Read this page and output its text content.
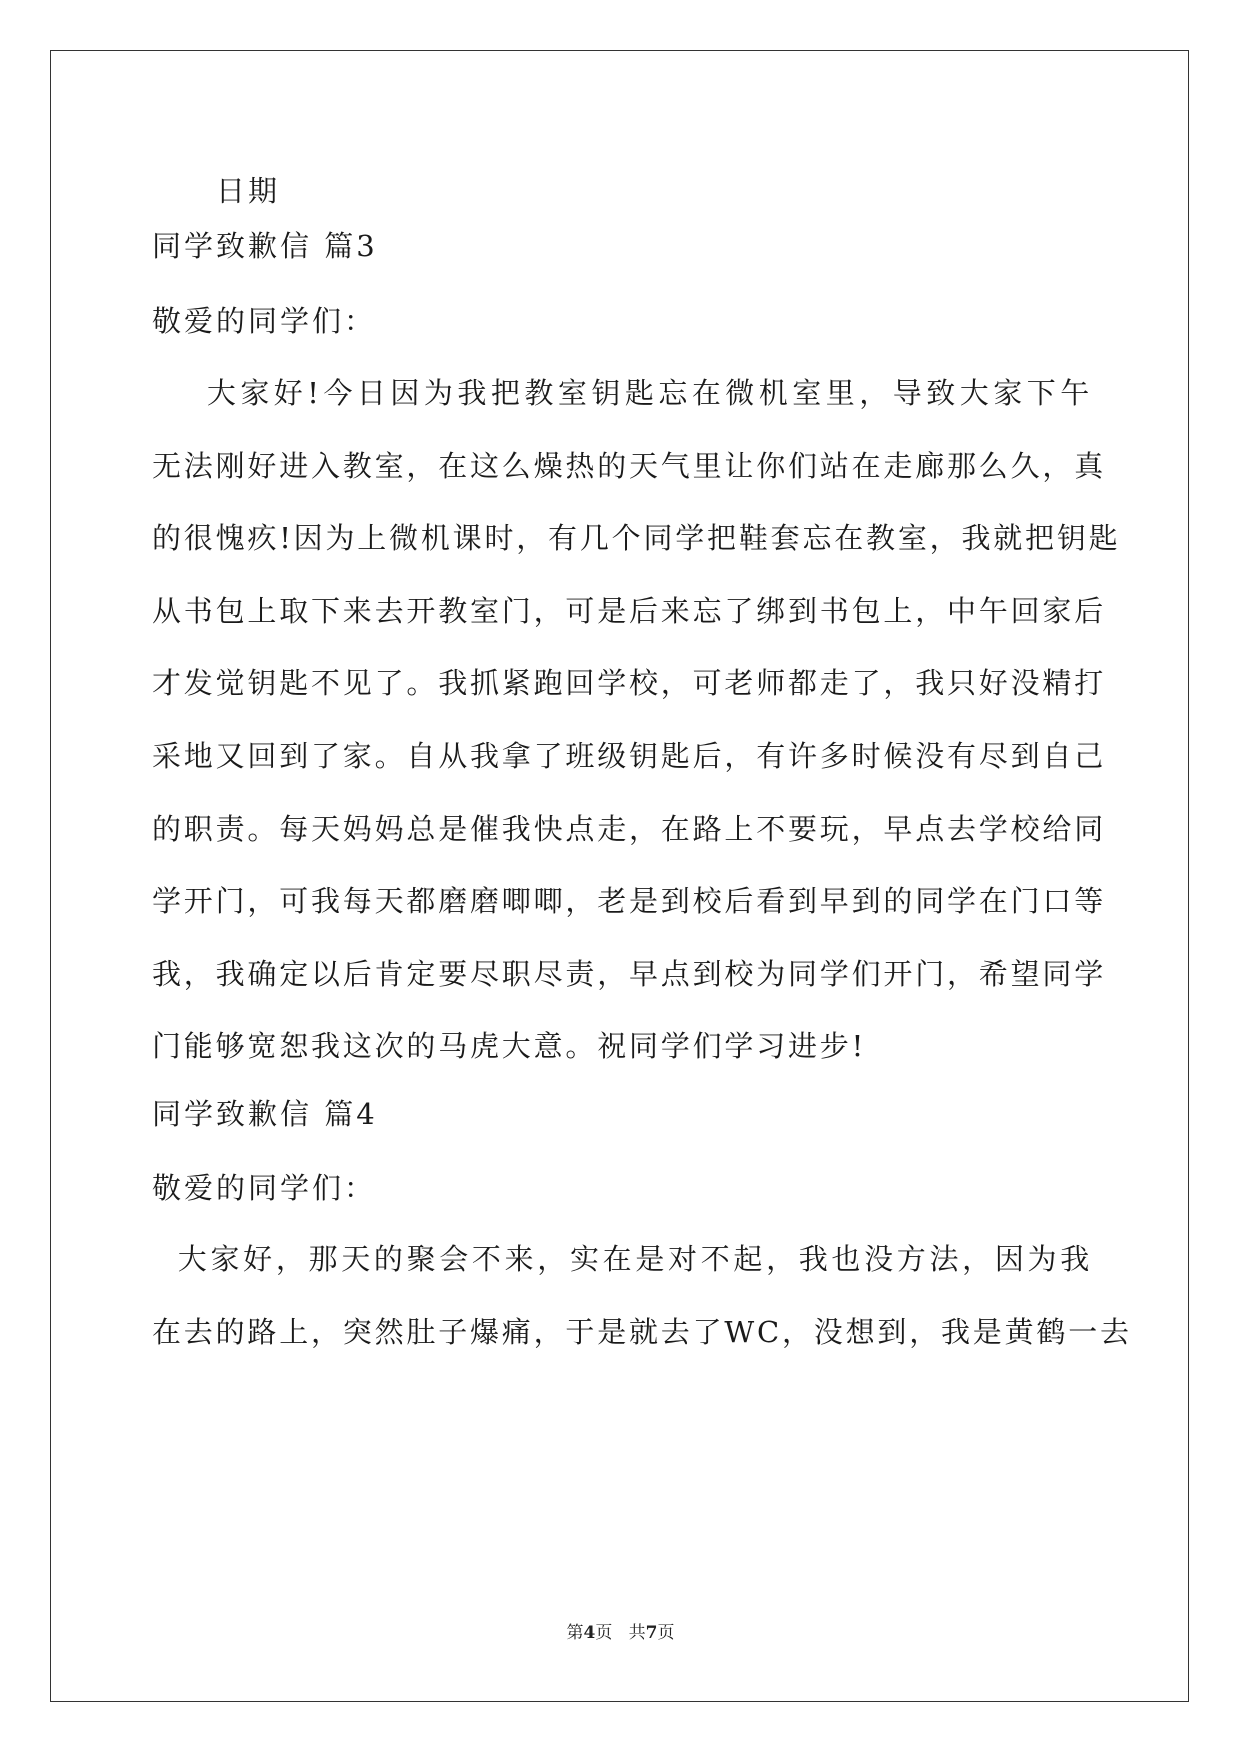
日期
同学致歉信 篇3
敬爱的同学们：
大家好!今日因为我把教室钥匙忘在微机室里，导致大家下午
无法刚好进入教室，在这么燥热的天气里让你们站在走廊那么久，真
的很愧疚!因为上微机课时，有几个同学把鞋套忘在教室，我就把钥匙
从书包上取下来去开教室门，可是后来忘了绑到书包上，中午回家后
才发觉钥匙不见了。我抓紧跑回学校，可老师都走了，我只好没精打
采地又回到了家。自从我拿了班级钥匙后，有许多时候没有尽到自己
的职责。每天妈妈总是催我快点走，在路上不要玩，早点去学校给同
学开门，可我每天都磨磨唧唧，老是到校后看到早到的同学在门口等
我，我确定以后肯定要尽职尽责，早点到校为同学们开门，希望同学
门能够宽恕我这次的马虎大意。祝同学们学习进步!
同学致歉信 篇4
敬爱的同学们：
大家好，那天的聚会不来，实在是对不起，我也没方法，因为我
在去的路上，突然肚子爆痛，于是就去了WC，没想到，我是黄鹤一去
第4页 共7页
